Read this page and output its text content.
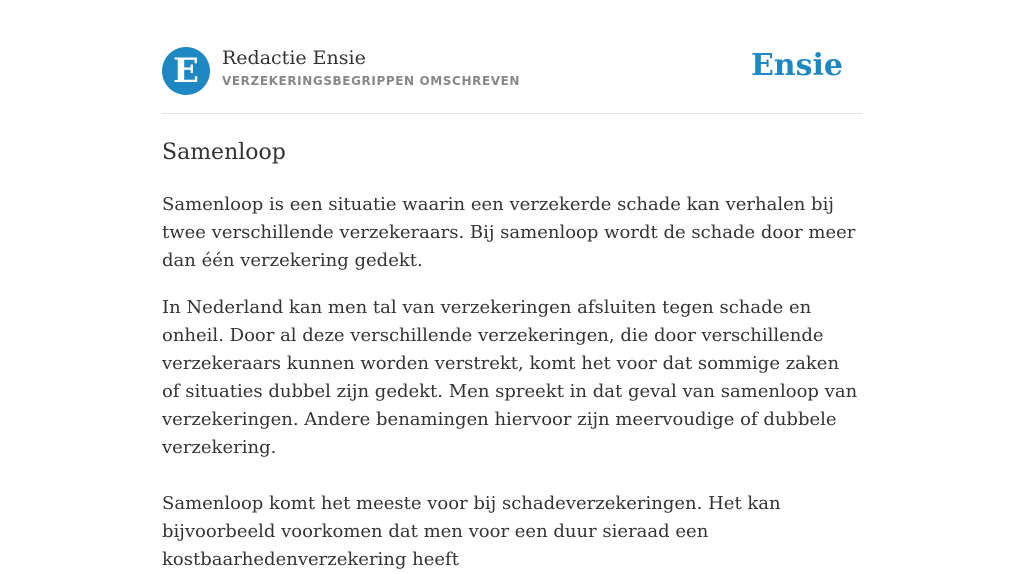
E Redactie Ensie
VERZEKERINGSBEGRIPPEN OMSCHREVEN	Ensie
Samenloop

Samenloop is een situatie waarin een verzekerde schade kan verhalen bij twee verschillende verzekeraars. Bij samenloop wordt de schade door meer dan één verzekering gedekt.

In Nederland kan men tal van verzekeringen afsluiten tegen schade en onheil. Door al deze verschillende verzekeringen, die door verschillende verzekeraars kunnen worden verstrekt, komt het voor dat sommige zaken of situaties dubbel zijn gedekt. Men spreekt in dat geval van samenloop van verzekeringen. Andere benamingen hiervoor zijn meervoudige of dubbele verzekering.

Samenloop komt het meeste voor bij schadeverzekeringen. Het kan bijvoorbeeld voorkomen dat men voor een duur sieraad een kostbaarhedenverzekering heeft
